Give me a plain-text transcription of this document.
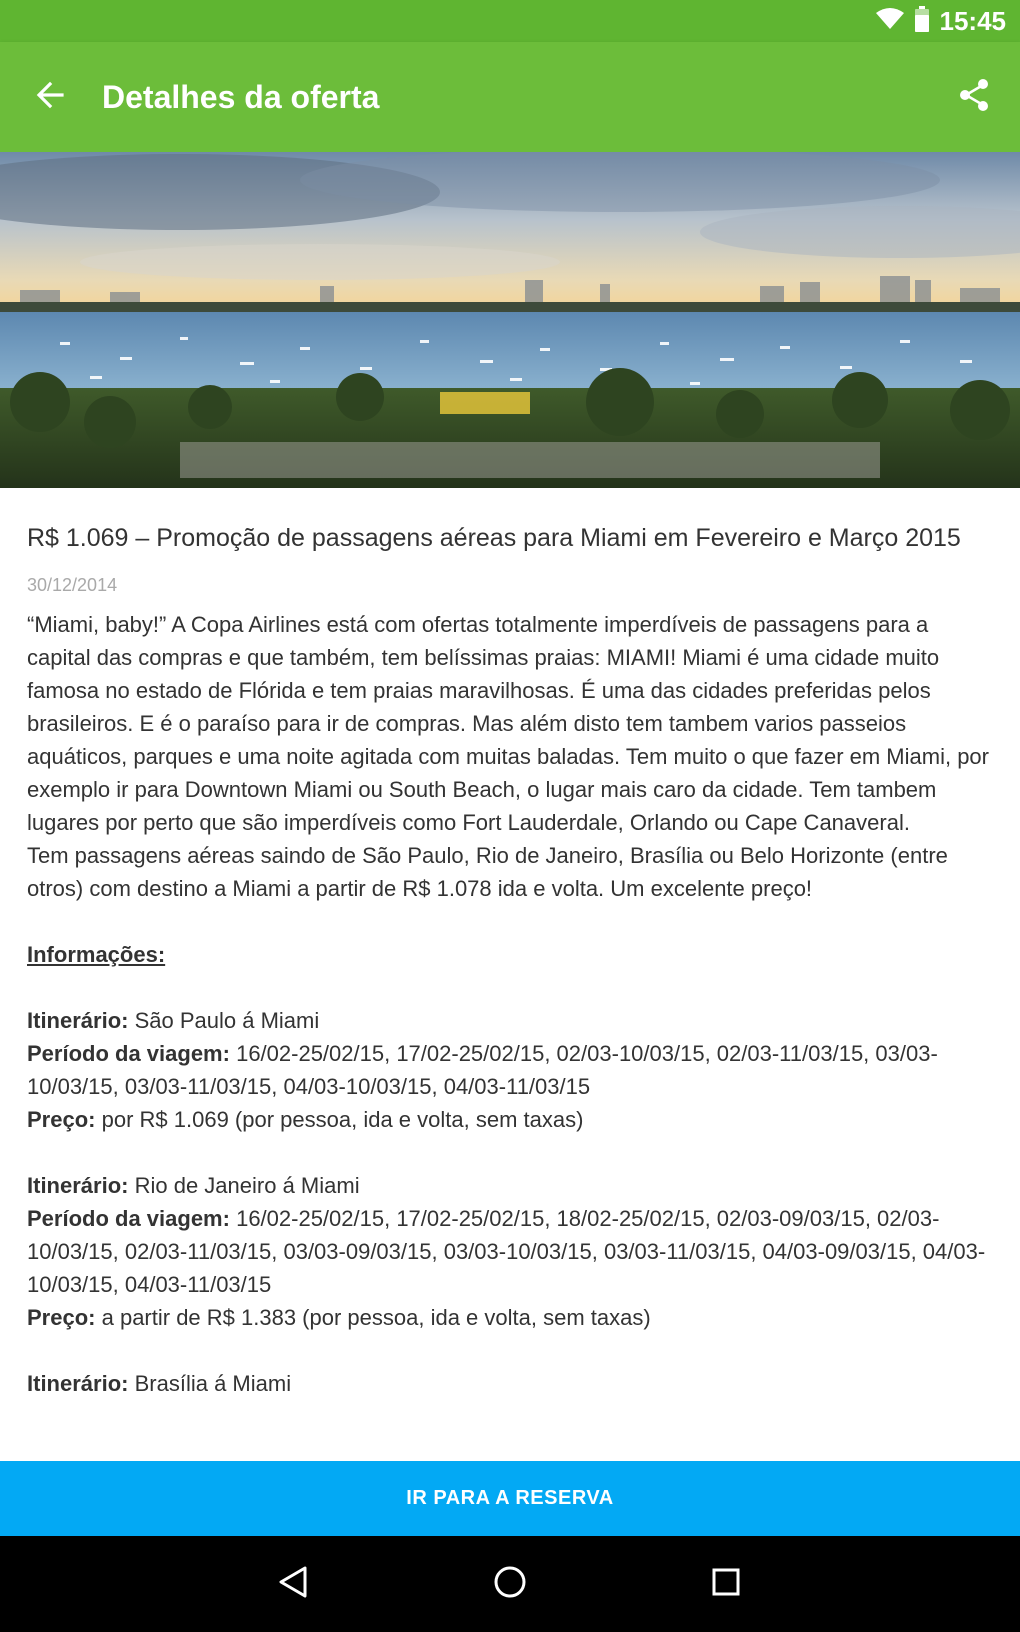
15:45
Detalhes da oferta
R$ 1.069 – Promoção de passagens aéreas para Miami em Fevereiro e Março 2015
30/12/2014

“Miami, baby!” A Copa Airlines está com ofertas totalmente imperdíveis de passagens para a capital das compras e que também, tem belíssimas praias: MIAMI! Miami é uma cidade muito famosa no estado de Flórida e tem praias maravilhosas. É uma das cidades preferidas pelos brasileiros. E é o paraíso para ir de compras. Mas além disto tem tambem varios passeios aquáticos, parques e uma noite agitada com muitas baladas. Tem muito o que fazer em Miami, por exemplo ir para Downtown Miami ou South Beach, o lugar mais caro da cidade. Tem tambem lugares por perto que são imperdíveis como Fort Lauderdale, Orlando ou Cape Canaveral.

Tem passagens aéreas saindo de São Paulo, Rio de Janeiro, Brasília ou Belo Horizonte (entre otros) com destino a Miami a partir de R$ 1.078 ida e volta. Um excelente preço!

Informações:
Itinerário: São Paulo á Miami
Período da viagem: 16/02-25/02/15, 17/02-25/02/15, 02/03-10/03/15, 02/03-11/03/15, 03/03-10/03/15, 03/03-11/03/15, 04/03-10/03/15, 04/03-11/03/15
Preço: por R$ 1.069 (por pessoa, ida e volta, sem taxas)
Itinerário: Rio de Janeiro á Miami
Período da viagem: 16/02-25/02/15, 17/02-25/02/15, 18/02-25/02/15, 02/03-09/03/15, 02/03-10/03/15, 02/03-11/03/15, 03/03-09/03/15, 03/03-10/03/15, 03/03-11/03/15, 04/03-09/03/15, 04/03-10/03/15, 04/03-11/03/15
Preço: a partir de R$ 1.383 (por pessoa, ida e volta, sem taxas)
Itinerário: Brasília á Miami
IR PARA A RESERVA
